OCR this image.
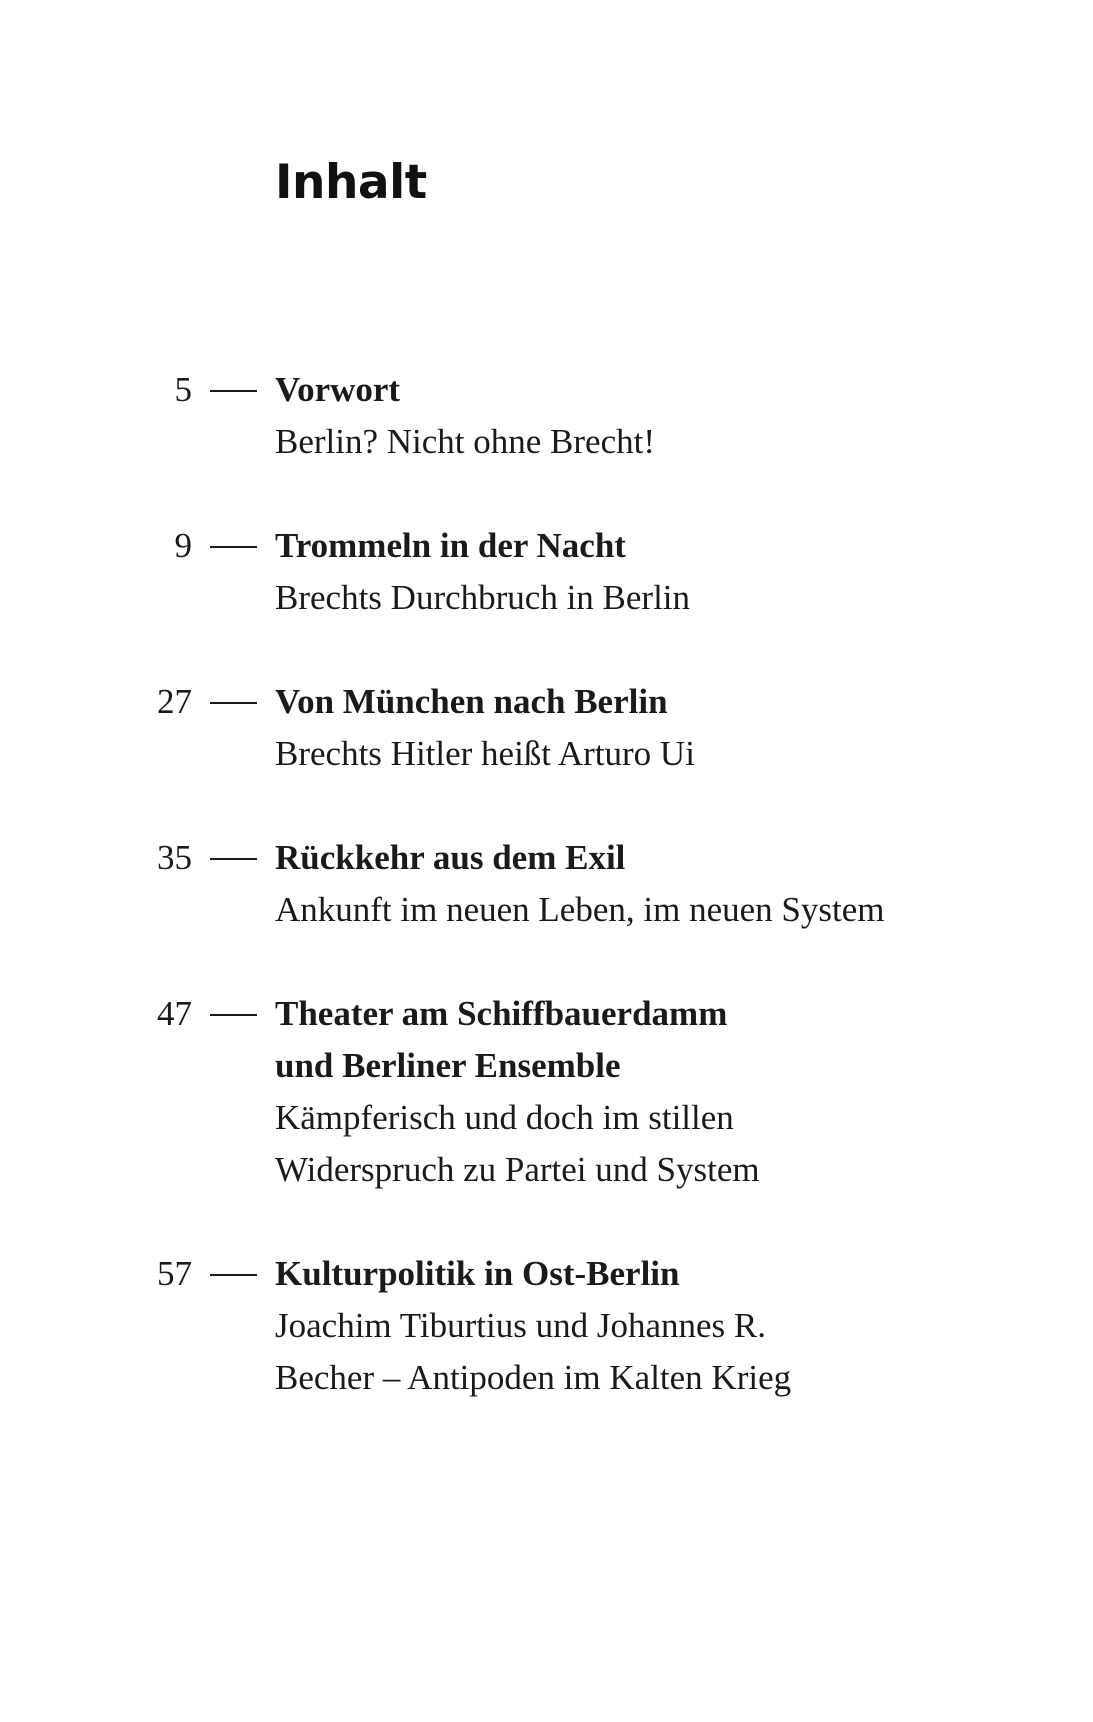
Inhalt
5 Vorwort
Berlin? Nicht ohne Brecht!
9 Trommeln in der Nacht
Brechts Durchbruch in Berlin
27 Von München nach Berlin
Brechts Hitler heißt Arturo Ui
35 Rückkehr aus dem Exil
Ankunft im neuen Leben, im neuen System
47 Theater am Schiffbauerdamm
und Berliner Ensemble
Kämpferisch und doch im stillen
Widerspruch zu Partei und System
57 Kulturpolitik in Ost-Berlin
Joachim Tiburtius und Johannes R.
Becher – Antipoden im Kalten Krieg
